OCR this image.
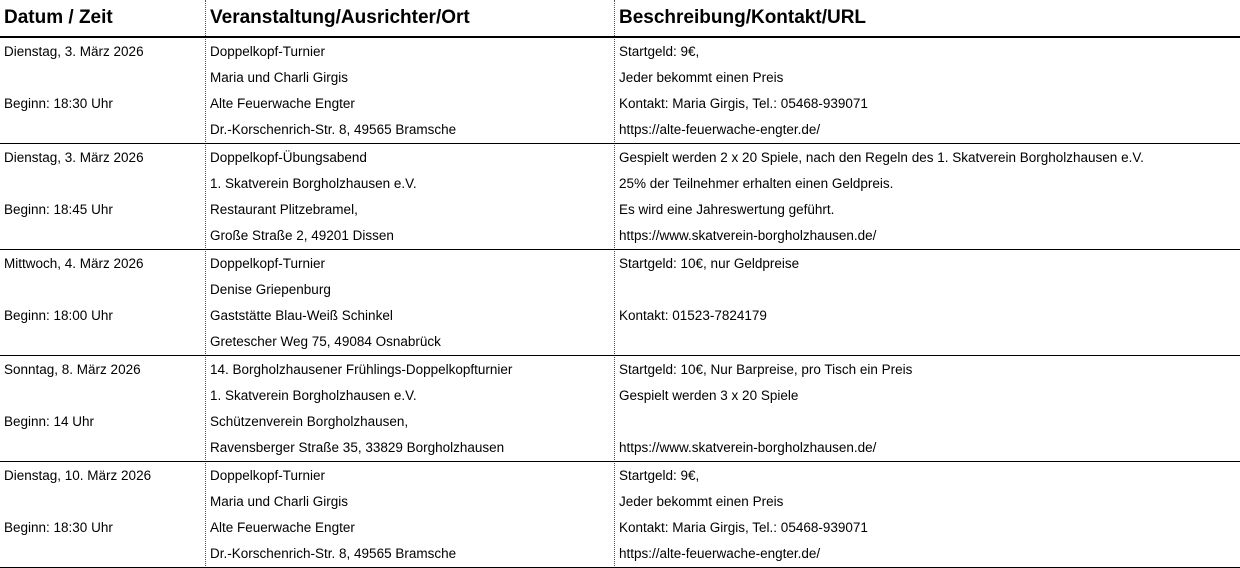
Datum / Zeit	Veranstaltung/Ausrichter/Ort	Beschreibung/Kontakt/URL
Dienstag, 3. März 2026
Beginn: 18:30 Uhr
Doppelkopf-Turnier
Maria und Charli Girgis
Alte Feuerwache Engter
Dr.-Korschenrich-Str. 8, 49565 Bramsche
Startgeld: 9€,
Jeder bekommt einen Preis
Kontakt: Maria Girgis, Tel.: 05468-939071
https://alte-feuerwache-engter.de/
Dienstag, 3. März 2026
Beginn: 18:45 Uhr
Doppelkopf-Übungsabend
1. Skatverein Borgholzhausen e.V.
Restaurant Plitzebramel,
Große Straße 2, 49201 Dissen
Gespielt werden 2 x 20 Spiele, nach den Regeln des 1. Skatverein Borgholzhausen e.V.
25% der Teilnehmer erhalten einen Geldpreis.
Es wird eine Jahreswertung geführt.
https://www.skatverein-borgholzhausen.de/
Mittwoch, 4. März 2026
Beginn: 18:00 Uhr
Doppelkopf-Turnier
Denise Griepenburg
Gaststätte Blau-Weiß Schinkel
Gretescher Weg 75, 49084 Osnabrück
Startgeld: 10€, nur Geldpreise
Kontakt: 01523-7824179
Sonntag, 8. März 2026
Beginn: 14 Uhr
14. Borgholzhausener Frühlings-Doppelkopfturnier
1. Skatverein Borgholzhausen e.V.
Schützenverein Borgholzhausen,
Ravensberger Straße 35, 33829 Borgholzhausen
Startgeld: 10€, Nur Barpreise, pro Tisch ein Preis
Gespielt werden 3 x 20 Spiele
https://www.skatverein-borgholzhausen.de/
Dienstag, 10. März 2026
Beginn: 18:30 Uhr
Doppelkopf-Turnier
Maria und Charli Girgis
Alte Feuerwache Engter
Dr.-Korschenrich-Str. 8, 49565 Bramsche
Startgeld: 9€,
Jeder bekommt einen Preis
Kontakt: Maria Girgis, Tel.: 05468-939071
https://alte-feuerwache-engter.de/
